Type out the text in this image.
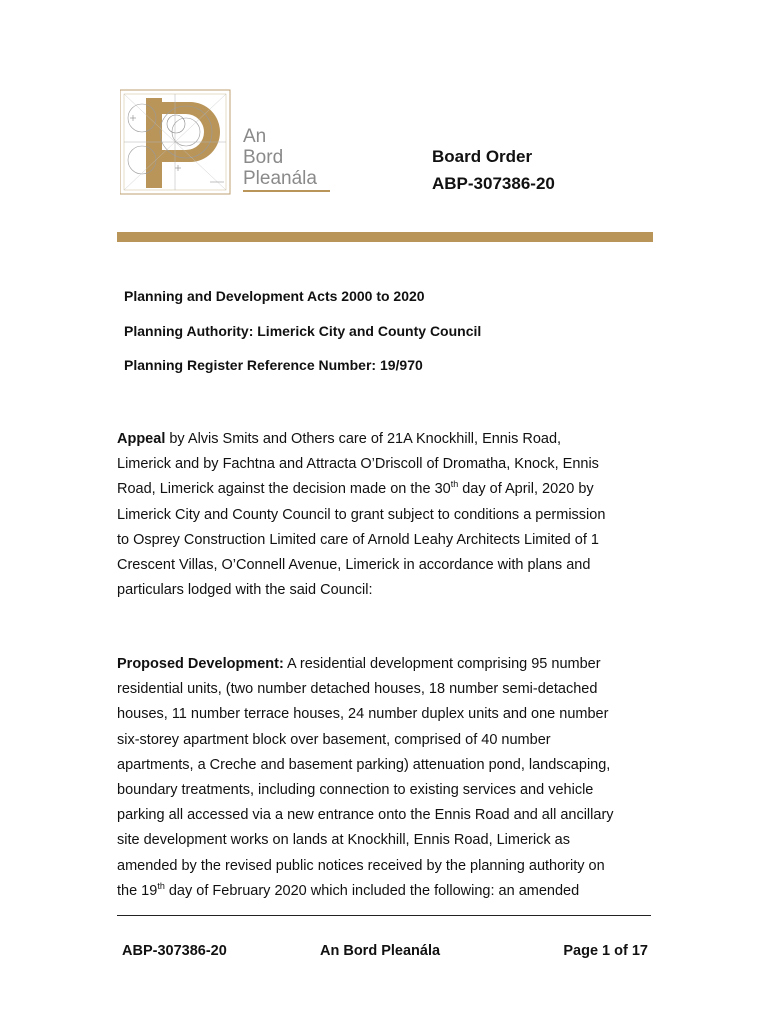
An
Bord
Pleanála
Board Order
ABP-307386-20
Planning and Development Acts 2000 to 2020
Planning Authority: Limerick City and County Council
Planning Register Reference Number: 19/970
Appeal by Alvis Smits and Others care of 21A Knockhill, Ennis Road,
Limerick and by Fachtna and Attracta O’Driscoll of Dromatha, Knock, Ennis
Road, Limerick against the decision made on the 30th day of April, 2020 by
Limerick City and County Council to grant subject to conditions a permission
to Osprey Construction Limited care of Arnold Leahy Architects Limited of 1
Crescent Villas, O’Connell Avenue, Limerick in accordance with plans and
particulars lodged with the said Council:
Proposed Development: A residential development comprising 95 number
residential units, (two number detached houses, 18 number semi-detached
houses, 11 number terrace houses, 24 number duplex units and one number
six-storey apartment block over basement, comprised of 40 number
apartments, a Creche and basement parking) attenuation pond, landscaping,
boundary treatments, including connection to existing services and vehicle
parking all accessed via a new entrance onto the Ennis Road and all ancillary
site development works on lands at Knockhill, Ennis Road, Limerick as
amended by the revised public notices received by the planning authority on
the 19th day of February 2020 which included the following: an amended
ABP-307386-20	An Bord Pleanála	Page 1 of 17
